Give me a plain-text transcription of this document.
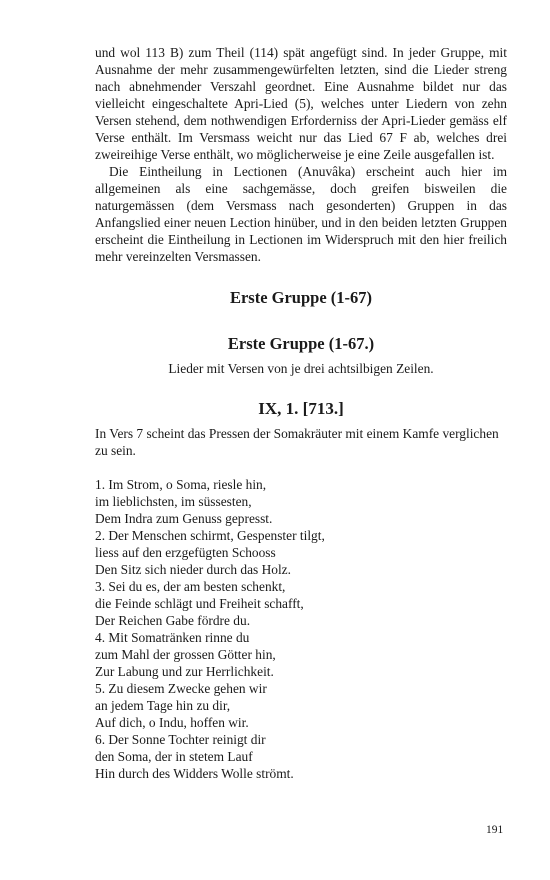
und wol 113 B) zum Theil (114) spät angefügt sind. In jeder Gruppe, mit Ausnahme der mehr zusammengewürfelten letzten, sind die Lieder streng nach abnehmender Verszahl geordnet. Eine Ausnahme bildet nur das vielleicht eingeschaltete Apri-Lied (5), welches unter Liedern von zehn Versen stehend, dem nothwendigen Erforderniss der Apri-Lieder gemäss elf Verse enthält. Im Versmass weicht nur das Lied 67 F ab, welches drei zweireihige Verse enthält, wo möglicherweise je eine Zeile ausgefallen ist.

Die Eintheilung in Lectionen (Anuvâka) erscheint auch hier im allgemeinen als eine sachgemässe, doch greifen bisweilen die naturgemässen (dem Versmass nach gesonderten) Gruppen in das Anfangslied einer neuen Lection hinüber, und in den beiden letzten Gruppen erscheint die Eintheilung in Lectionen im Widerspruch mit den hier freilich mehr vereinzelten Versmassen.

Erste Gruppe (1-67)
Erste Gruppe (1-67.)
Lieder mit Versen von je drei achtsilbigen Zeilen.
IX, 1. [713.]

In Vers 7 scheint das Pressen der Somakräuter mit einem Kamfe verglichen zu sein.

1. Im Strom, o Soma, riesle hin,
im lieblichsten, im süssesten,
Dem Indra zum Genuss gepresst.
2. Der Menschen schirmt, Gespenster tilgt,
liess auf den erzgefügten Schooss
Den Sitz sich nieder durch das Holz.
3. Sei du es, der am besten schenkt,
die Feinde schlägt und Freiheit schafft,
Der Reichen Gabe fördre du.
4. Mit Somatränken rinne du
zum Mahl der grossen Götter hin,
Zur Labung und zur Herrlichkeit.
5. Zu diesem Zwecke gehen wir
an jedem Tage hin zu dir,
Auf dich, o Indu, hoffen wir.
6. Der Sonne Tochter reinigt dir
den Soma, der in stetem Lauf
Hin durch des Widders Wolle strömt.
191
